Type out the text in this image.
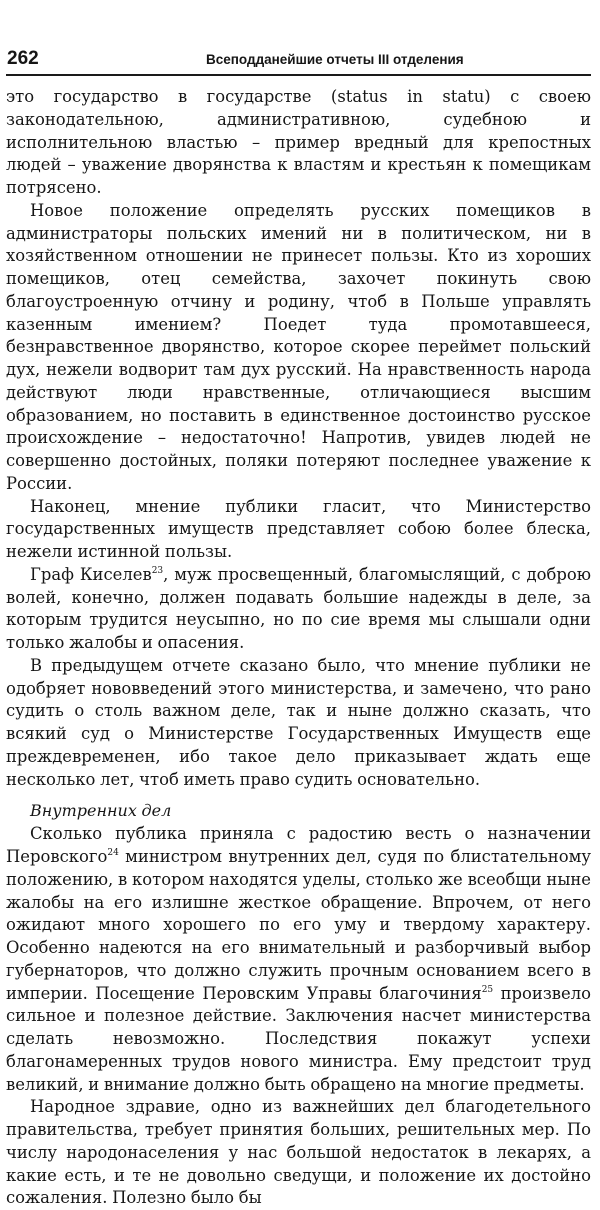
262	Всеподданейшие отчеты III отделения

это государство в государстве (status in statu) с своею законодательною, административною, судебною и исполнительною властью – пример вредный для крепостных людей – уважение дворянства к властям и крестьян к помещикам потрясено.

Новое положение определять русских помещиков в администраторы польских имений ни в политическом, ни в хозяйственном отношении не принесет пользы. Кто из хороших помещиков, отец семейства, захочет покинуть свою благоустроенную отчину и родину, чтоб в Польше управлять казенным имением? Поедет туда промотавшееся, безнравственное дворянство, которое скорее переймет польский дух, нежели водворит там дух русский. На нравственность народа действуют люди нравственные, отличающиеся высшим образованием, но поставить в единственное достоинство русское происхождение – недостаточно! Напротив, увидев людей не совершенно достойных, поляки потеряют последнее уважение к России.

Наконец, мнение публики гласит, что Министерство государственных имуществ представляет собою более блеска, нежели истинной пользы.

Граф Киселев$^{23}$, муж просвещенный, благомыслящий, с доброю волей, конечно, должен подавать большие надежды в деле, за которым трудится неусыпно, но по сие время мы слышали одни только жалобы и опасения.

В предыдущем отчете сказано было, что мнение публики не одобряет нововведений этого министерства, и замечено, что рано судить о столь важном деле, так и ныне должно сказать, что всякий суд о Министерстве Государственных Имуществ еще преждевременен, ибо такое дело приказывает ждать еще несколько лет, чтоб иметь право судить основательно.

Внутренних дел

Сколько публика приняла с радостию весть о назначении Перовского$^{24}$ министром внутренних дел, судя по блистательному положению, в котором находятся уделы, столько же всеобщи ныне жалобы на его излишне жесткое обращение. Впрочем, от него ожидают много хорошего по его уму и твердому характеру. Особенно надеются на его внимательный и разборчивый выбор губернаторов, что должно служить прочным основанием всего в империи. Посещение Перовским Управы благочиния$^{25}$ произвело сильное и полезное действие. Заключения насчет министерства сделать невозможно. Последствия покажут успехи благонамеренных трудов нового министра. Ему предстоит труд великий, и внимание должно быть обращено на многие предметы.

Народное здравие, одно из важнейших дел благодетельного правительства, требует принятия больших, решительных мер. По числу народонаселения у нас большой недостаток в лекарях, а какие есть, и те не довольно сведущи, и положение их достойно сожаления. Полезно было бы
